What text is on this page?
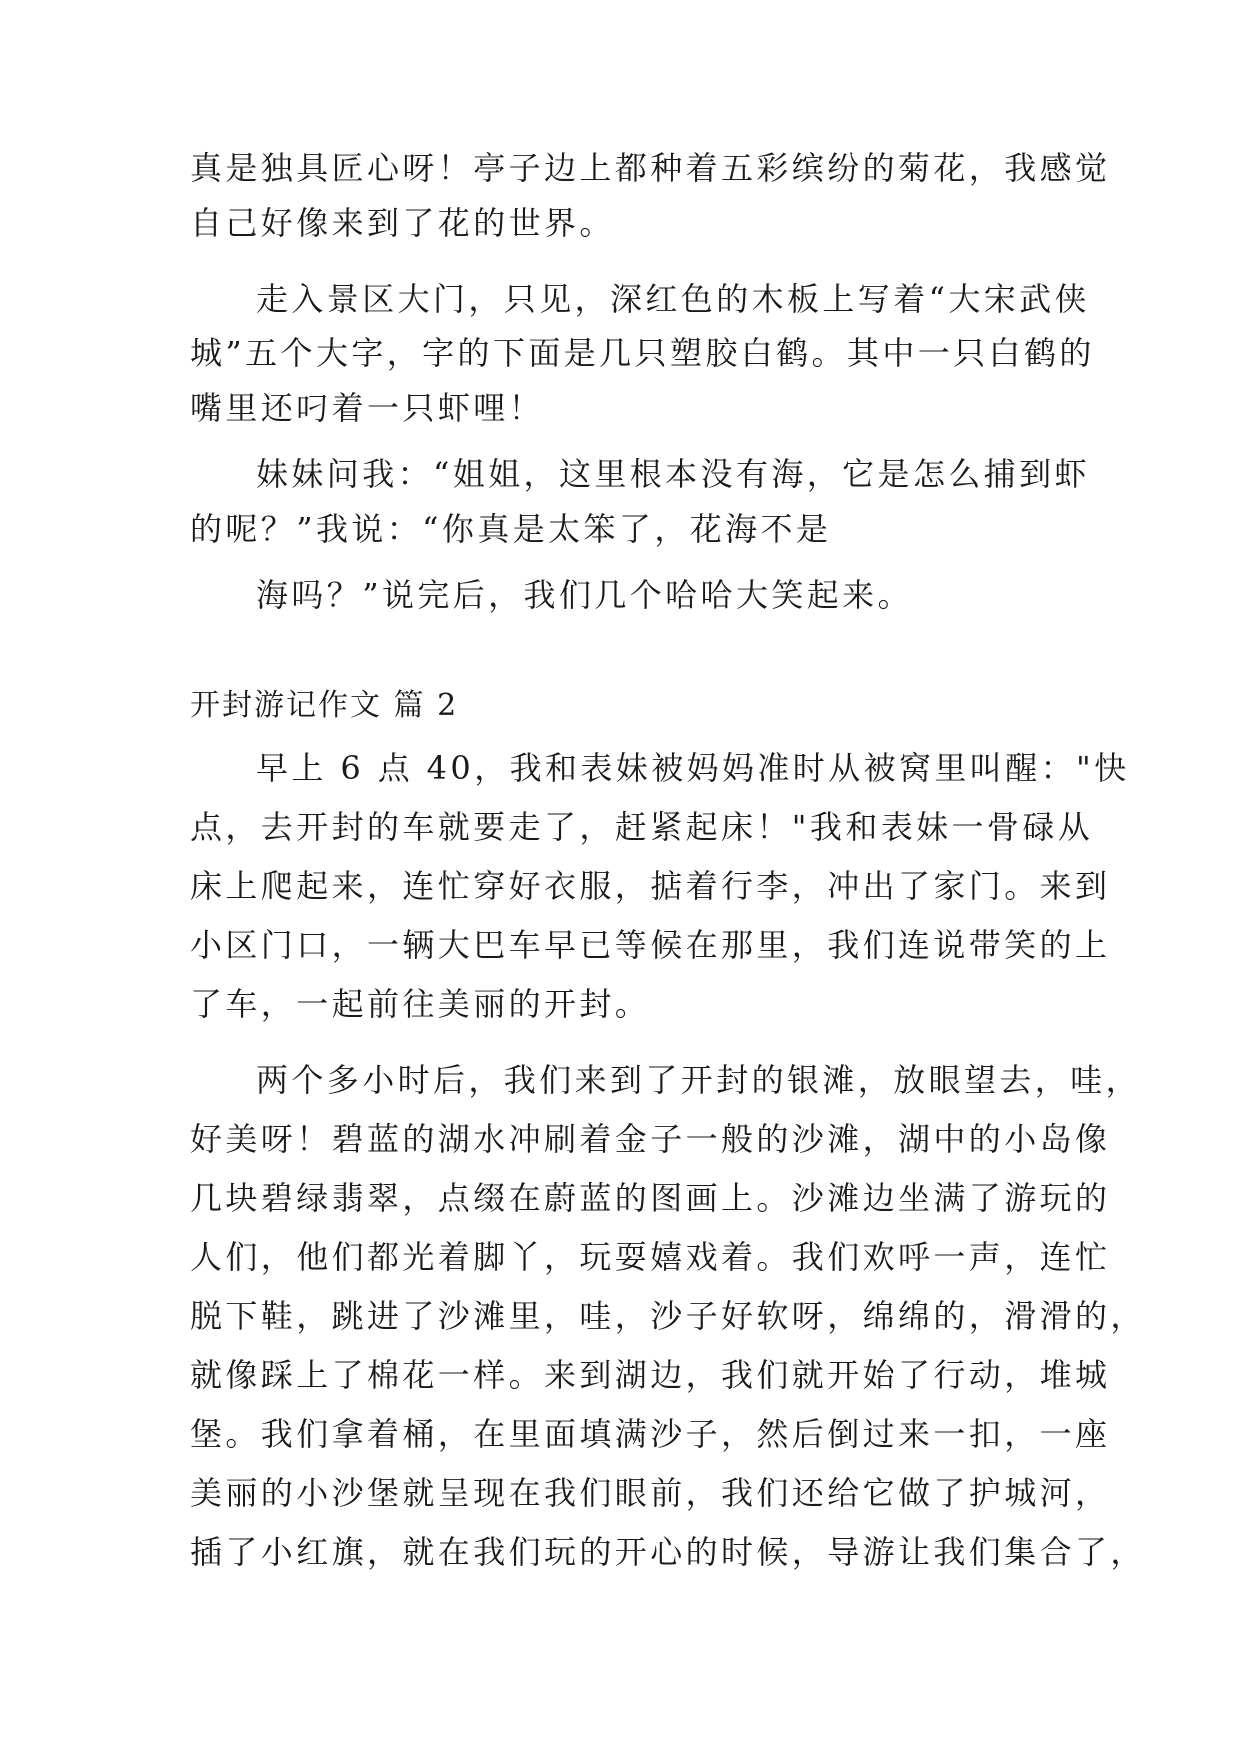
真是独具匠心呀！亭子边上都种着五彩缤纷的菊花，我感觉
自己好像来到了花的世界。
走入景区大门，只见，深红色的木板上写着“大宋武侠
城”五个大字，字的下面是几只塑胶白鹤。其中一只白鹤的
嘴里还叼着一只虾哩！
妹妹问我：“姐姐，这里根本没有海，它是怎么捕到虾
的呢？”我说：“你真是太笨了，花海不是
海吗？”说完后，我们几个哈哈大笑起来。
开封游记作文 篇 2
早上 6 点 40，我和表妹被妈妈准时从被窝里叫醒："快
点，去开封的车就要走了，赶紧起床！"我和表妹一骨碌从
床上爬起来，连忙穿好衣服，掂着行李，冲出了家门。来到
小区门口，一辆大巴车早已等候在那里，我们连说带笑的上
了车，一起前往美丽的开封。
两个多小时后，我们来到了开封的银滩，放眼望去，哇，
好美呀！碧蓝的湖水冲刷着金子一般的沙滩，湖中的小岛像
几块碧绿翡翠，点缀在蔚蓝的图画上。沙滩边坐满了游玩的
人们，他们都光着脚丫，玩耍嬉戏着。我们欢呼一声，连忙
脱下鞋，跳进了沙滩里，哇，沙子好软呀，绵绵的，滑滑的，
就像踩上了棉花一样。来到湖边，我们就开始了行动，堆城
堡。我们拿着桶，在里面填满沙子，然后倒过来一扣，一座
美丽的小沙堡就呈现在我们眼前，我们还给它做了护城河，
插了小红旗，就在我们玩的开心的时候，导游让我们集合了，
